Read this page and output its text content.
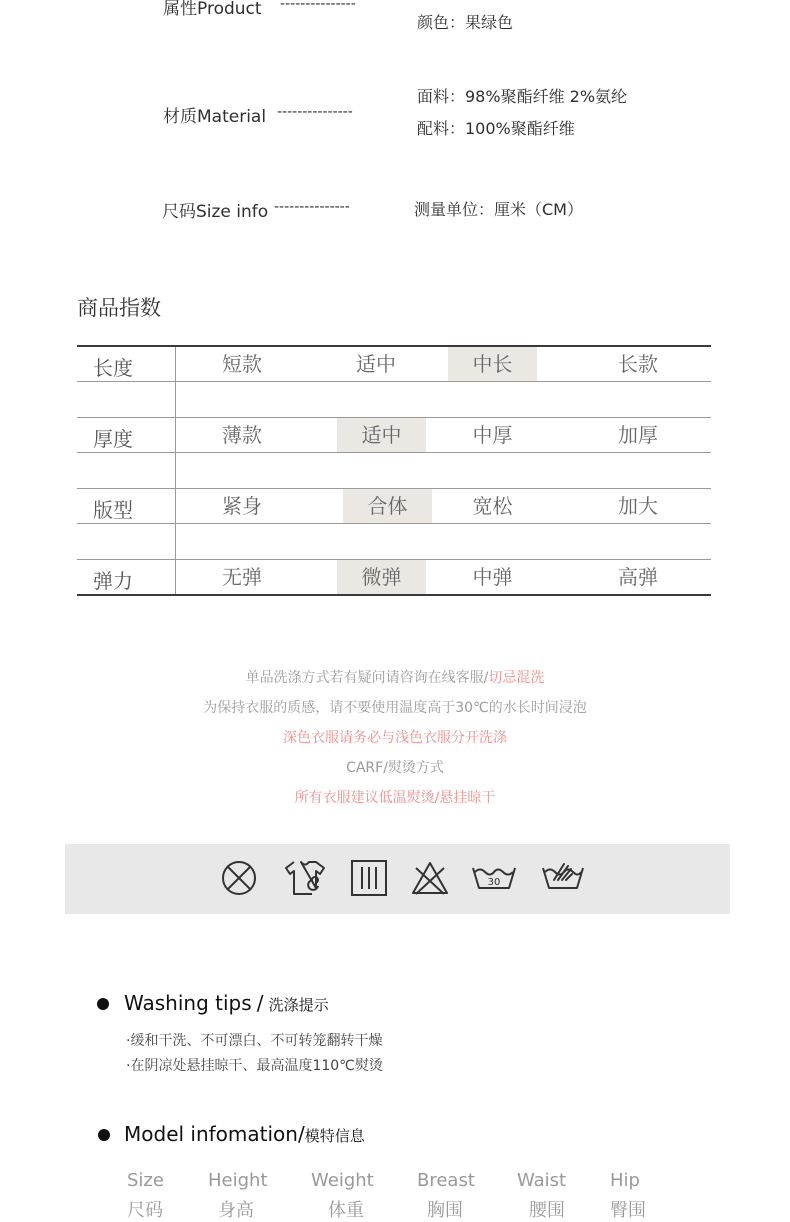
属性Product ---------------
颜色：果绿色
材质Material ---------------
面料：98%聚酯纤维 2%氨纶
配料：100%聚酯纤维
尺码Size info ---------------	测量单位：厘米（CM）
商品指数
长度	短款	适中	中长	长款
厚度	薄款	适中	中厚	加厚
版型	紧身	合体	宽松	加大
弹力	无弹	微弹	中弹	高弹
单品洗涤方式若有疑问请咨询在线客服/切忌混洗
为保持衣服的质感，请不要使用温度高于30℃的水长时间浸泡
深色衣服请务必与浅色衣服分开洗涤
CARF/熨烫方式
所有衣服建议低温熨烫/悬挂晾干
30
Washing tips / 洗涤提示
·缓和干洗、不可漂白、不可转笼翻转干燥
·在阴凉处悬挂晾干、最高温度110℃熨烫
Model infomation/模特信息
Size Height Weight Breast Waist Hip
尺码	身高	体重	胸围	腰围	臀围
